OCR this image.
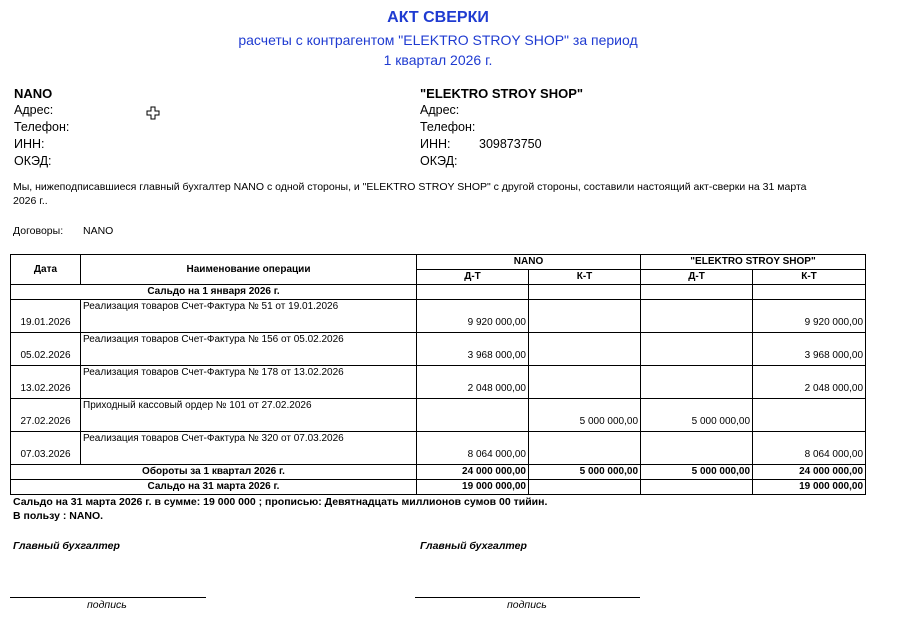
АКТ СВЕРКИ
расчеты с контрагентом "ELEKTRO STROY SHOP" за период
1 квартал 2026 г.
NANO
Адрес:
Телефон:
ИНН:
ОКЭД:
"ELEKTRO STROY SHOP"
Адрес:
Телефон:
ИНН: 309873750
ОКЭД:
Мы, нижеподписавшиеся главный бухгалтер NANO с одной стороны, и "ELEKTRO STROY SHOP" с другой стороны, составили настоящий акт-сверки на 31 марта
2026 г..
Договоры: NANO
Дата	Наименование операции	NANO		"ELEKTRO STROY SHOP"	
		Д-Т	К-Т	Д-Т	К-Т
Сальдо на 1 января 2026 г.					
19.01.2026	Реализация товаров Счет-Фактура № 51 от 19.01.2026	9 920 000,00			9 920 000,00
05.02.2026	Реализация товаров Счет-Фактура № 156 от 05.02.2026	3 968 000,00			3 968 000,00
13.02.2026	Реализация товаров Счет-Фактура № 178 от 13.02.2026	2 048 000,00			2 048 000,00
27.02.2026	Приходный кассовый ордер № 101 от 27.02.2026		5 000 000,00	5 000 000,00	
07.03.2026	Реализация товаров Счет-Фактура № 320 от 07.03.2026	8 064 000,00			8 064 000,00
Обороты за 1 квартал 2026 г.		24 000 000,00	5 000 000,00	5 000 000,00	24 000 000,00
Сальдо на 31 марта 2026 г.		19 000 000,00			19 000 000,00
Сальдо на 31 марта 2026 г. в сумме: 19 000 000 ; прописью: Девятнадцать миллионов сумов 00 тийин.
В пользу : NANO.
Главный бухгалтер	Главный бухгалтер
подпись	подпись
